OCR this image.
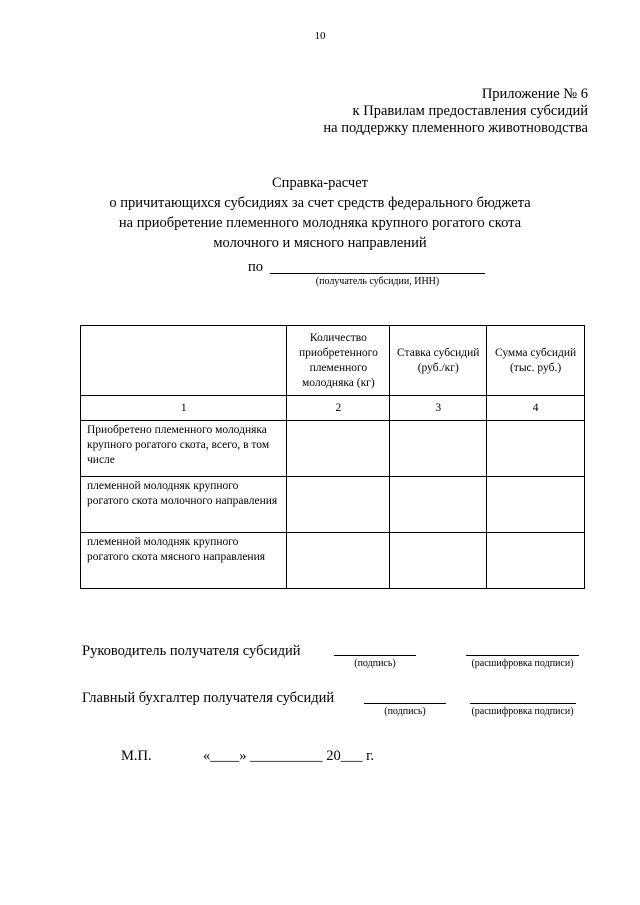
10
Приложение № 6
к Правилам предоставления субсидий
на поддержку племенного животноводства
Справка-расчет
о причитающихся субсидиях за счет средств федерального бюджета
на приобретение племенного молодняка крупного рогатого скота
молочного и мясного направлений
по
(получатель субсидии, ИНН)
	Количество приобретенного племенного молодняка (кг)	Ставка субсидий (руб./кг)	Сумма субсидий (тыс. руб.)
1	2	3	4
Приобретено племенного молодняка крупного рогатого скота, всего, в том числе			
племенной молодняк крупного рогатого скота молочного направления			
племенной молодняк крупного рогатого скота мясного направления			
Руководитель получателя субсидий
(подпись)	(расшифровка подписи)
Главный бухгалтер получателя субсидий
(подпись)	(расшифровка подписи)
М.П.	«____» __________ 20___ г.
